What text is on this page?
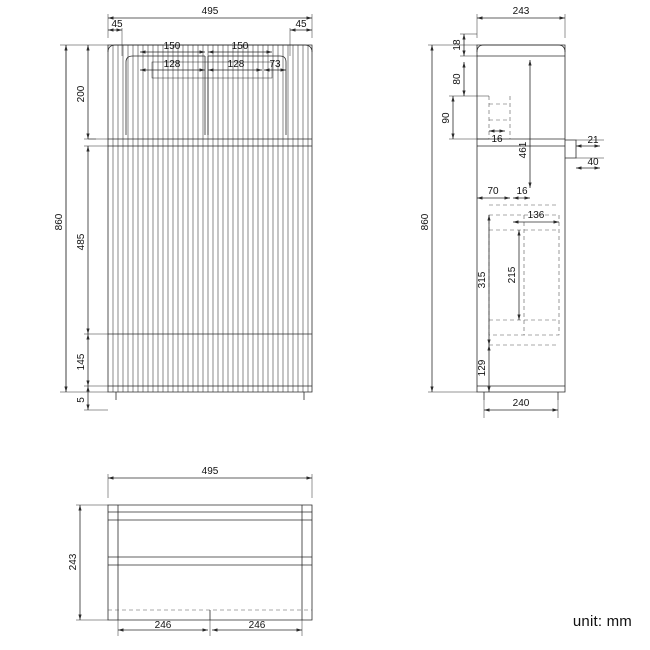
495
45	45
150	150
128	128	73
860
200
485
145
5
243
18
80
90
16
461
860
21
40
70 16
136
315 215
129
240
495
243
246	246	unit: mm
